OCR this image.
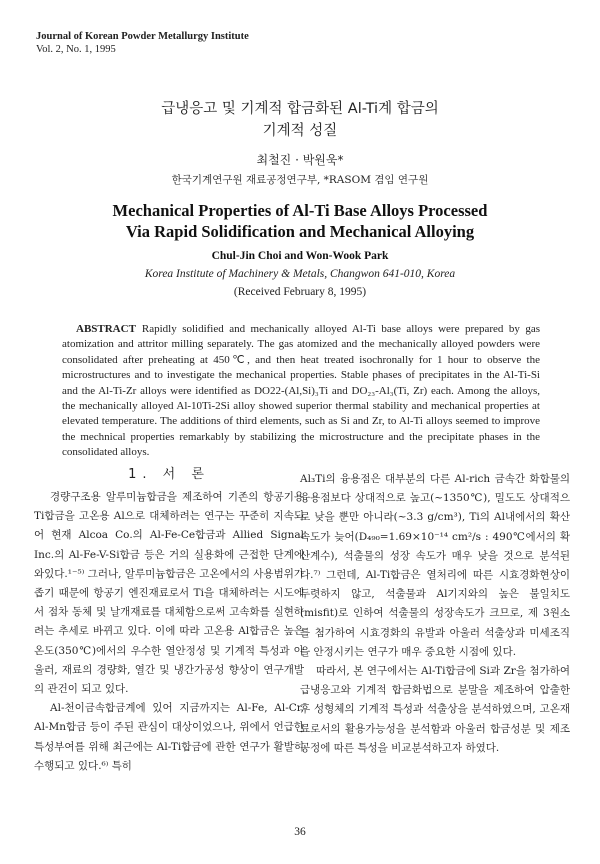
Journal of Korean Powder Metallurgy Institute
Vol. 2, No. 1, 1995
급냉응고 및 기계적 합금화된 Al-Ti계 합금의
기계적 성질
최철진 · 박원욱*
한국기계연구원 재료공정연구부, *RASOM 겸임 연구원
Mechanical Properties of Al-Ti Base Alloys Processed
Via Rapid Solidification and Mechanical Alloying
Chul-Jin Choi and Won-Wook Park
Korea Institute of Machinery & Metals, Changwon 641-010, Korea
(Received February 8, 1995)
ABSTRACT Rapidly solidified and mechanically alloyed Al-Ti base alloys were prepared by gas atomization and attritor milling separately. The gas atomized and the mechanically alloyed powders were consolidated after preheating at 450℃, and then heat treated isochronally for 1 hour to observe the microstructures and to investigate the mechanical properties. Stable phases of precipitates in the Al-Ti-Si and the Al-Ti-Zr alloys were identified as DO22-(Al,Si)₃Ti and DO₂₃-Al₃(Ti, Zr) each. Among the alloys, the mechanically alloyed Al-10Ti-2Si alloy showed superior thermal stability and mechanical properties at elevated temperature. The additions of third elements, such as Si and Zr, to Al-Ti alloys seemed to improve the mechnical properties remarkably by stabilizing the microstructure and the precipitate phases in the consolidated alloys.

1. 서 론

경량구조용 알루미늄합금을 제조하여 기존의 항공기용 Ti합금을 고온용 Al으로 대체하려는 연구는 꾸준히 지속되어 현재 Alcoa Co.의 Al-Fe-Ce합금과 Allied Signal Inc.의 Al-Fe-V-Si합금 등은 거의 실용화에 근접한 단계에 와있다.¹⁻⁵⁾ 그러나, 알루미늄합금은 고온에서의 사용범위가 좁기 때문에 항공기 엔진재료로서 Ti을 대체하려는 시도에서 점차 동체 및 날개재료를 대체함으로써 고속화를 실현하려는 추세로 바뀌고 있다. 이에 따라 고온용 Al합금은 높은 온도(350℃)에서의 우수한 열안정성 및 기계적 특성과 아울러, 재료의 경량화, 열간 및 냉간가공성 향상이 연구개발의 관건이 되고 있다.

Al-천이금속합금계에 있어 지금까지는 Al-Fe, Al-Cr, Al-Mn합금 등이 주된 관심이 대상이었으나, 위에서 언급한 특성부여를 위해 최근에는 Al-Ti합금에 관한 연구가 활발히 수행되고 있다.⁶⁾ 특히

Al₃Ti의 융용점은 대부분의 다른 Al-rich 금속간 화합물의 융용점보다 상대적으로 높고(~1350℃), 밀도도 상대적으로 낮을 뿐만 아니라(~3.3 g/cm³), Ti의 Al내에서의 확산속도가 늦어(D₄₉₀=1.69×10⁻¹⁴ cm²/s : 490℃에서의 확산계수), 석출물의 성장 속도가 매우 낮을 것으로 분석된다.⁷⁾ 그런데, Al-Ti합금은 열처리에 따른 시효경화현상이 두렷하지 않고, 석출물과 Al기지와의 높은 불일치도(misfit)로 인하여 석출물의 성장속도가 크므로, 제 3원소를 첨가하여 시효경화의 유발과 아울러 석출상과 미세조직을 안정시키는 연구가 매우 중요한 시점에 있다.

따라서, 본 연구에서는 Al-Ti합금에 Si과 Zr을 첨가하여 급냉응고와 기계적 합금화법으로 분말을 제조하여 압출한 후 성형체의 기계적 특성과 석출상을 분석하였으며, 고온재료로서의 활용가능성을 분석함과 아울러 합금성분 및 제조공정에 따른 특성을 비교분석하고자 하였다.

36
